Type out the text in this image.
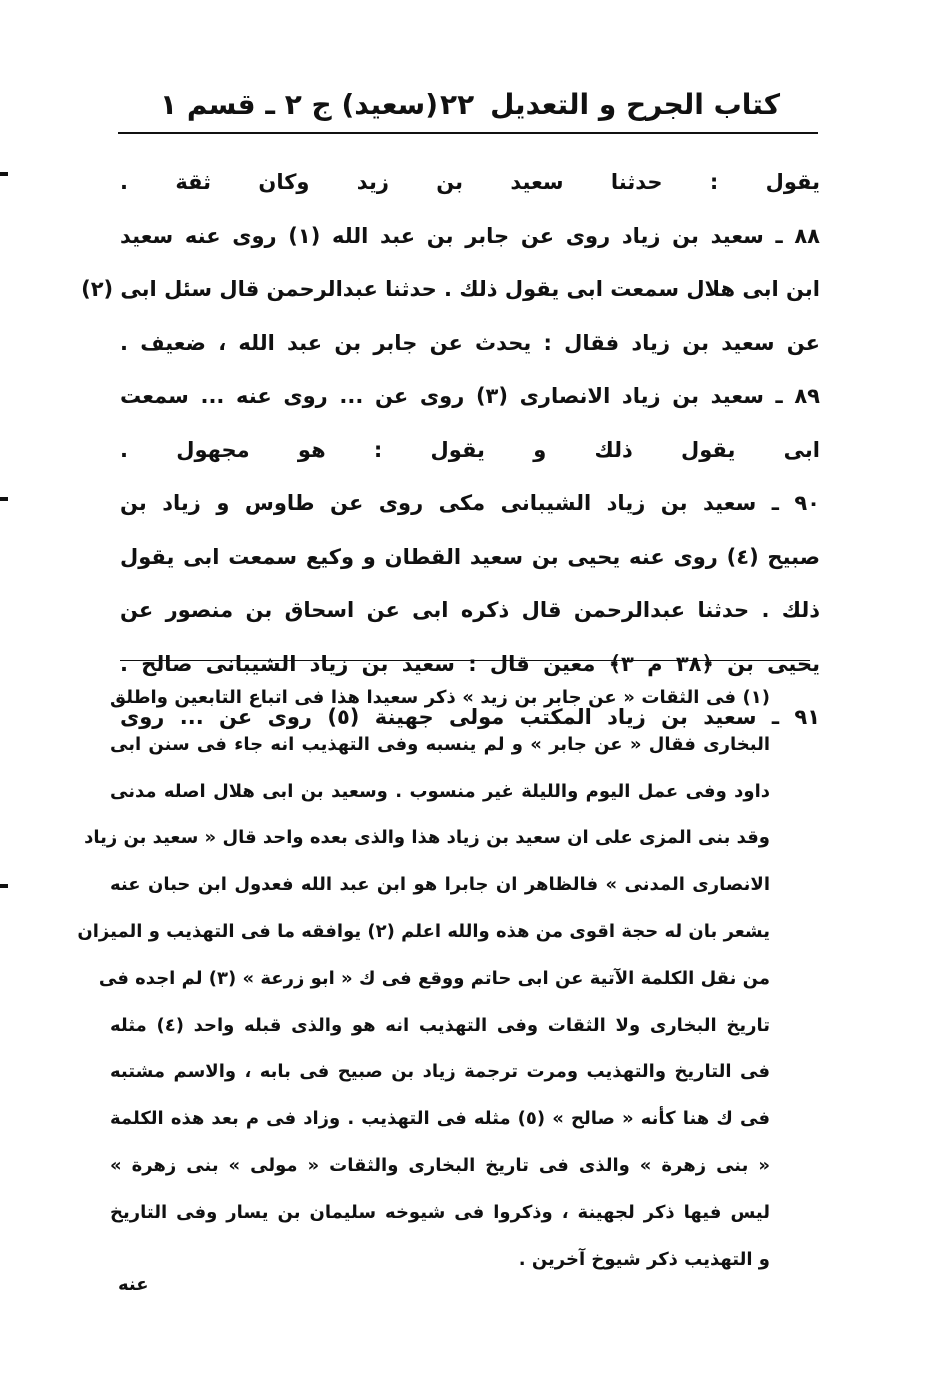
كتاب الجرح و التعديل
٢٢
(سعيد) ج ٢ ـ قسم ١
يقول : حدثنا سعيد بن زيد وكان ثقة .
٨٨ ـ سعيد بن زياد روى عن جابر بن عبد الله (١) روى عنه سعيد
ابن ابى هلال سمعت ابى يقول ذلك . حدثنا عبدالرحمن قال سئل ابى (٢)
عن سعيد بن زياد فقال : يحدث عن جابر بن عبد الله ، ضعيف .
٨٩ ـ سعيد بن زياد الانصارى (٣) روى عن ... روى عنه ... سمعت
ابى يقول ذلك و يقول : هو مجهول .
٩٠ ـ سعيد بن زياد الشيبانى مكى روى عن طاوس و زياد بن
صبيح (٤) روى عنه يحيى بن سعيد القطان و وكيع سمعت ابى يقول
ذلك . حدثنا عبدالرحمن قال ذكره ابى عن اسحاق بن منصور عن
يحيى بن ﴿٣٨ م ٣﴾ معين قال : سعيد بن زياد الشيبانى صالح .
٩١ ـ سعيد بن زياد المكتب مولى جهينة (٥) روى عن ... روى
(١) فى الثقات « عن جابر بن زيد » ذكر سعيدا هذا فى اتباع التابعين واطلق
البخارى فقال « عن جابر » و لم ينسبه وفى التهذيب انه جاء فى سنن ابى
داود وفى عمل اليوم والليلة غير منسوب . وسعيد بن ابى هلال اصله مدنى
وقد بنى المزى على ان سعيد بن زياد هذا والذى بعده واحد قال « سعيد بن زياد
الانصارى المدنى » فالظاهر ان جابرا هو ابن عبد الله فعدول ابن حبان عنه
يشعر بان له حجة اقوى من هذه والله اعلم (٢) يوافقه ما فى التهذيب و الميزان
من نقل الكلمة الآتية عن ابى حاتم ووقع فى ك « ابو زرعة » (٣) لم اجده فى
تاريخ البخارى ولا الثقات وفى التهذيب انه هو والذى قبله واحد (٤) مثله
فى التاريخ والتهذيب ومرت ترجمة زياد بن صبيح فى بابه ، والاسم مشتبه
فى ك هنا كأنه « صالح » (٥) مثله فى التهذيب . وزاد فى م بعد هذه الكلمة
« بنى زهرة » والذى فى تاريخ البخارى والثقات « مولى » بنى زهرة »
ليس فيها ذكر لجهينة ، وذكروا فى شيوخه سليمان بن يسار وفى التاريخ
و التهذيب ذكر شيوخ آخرين .
عنه
